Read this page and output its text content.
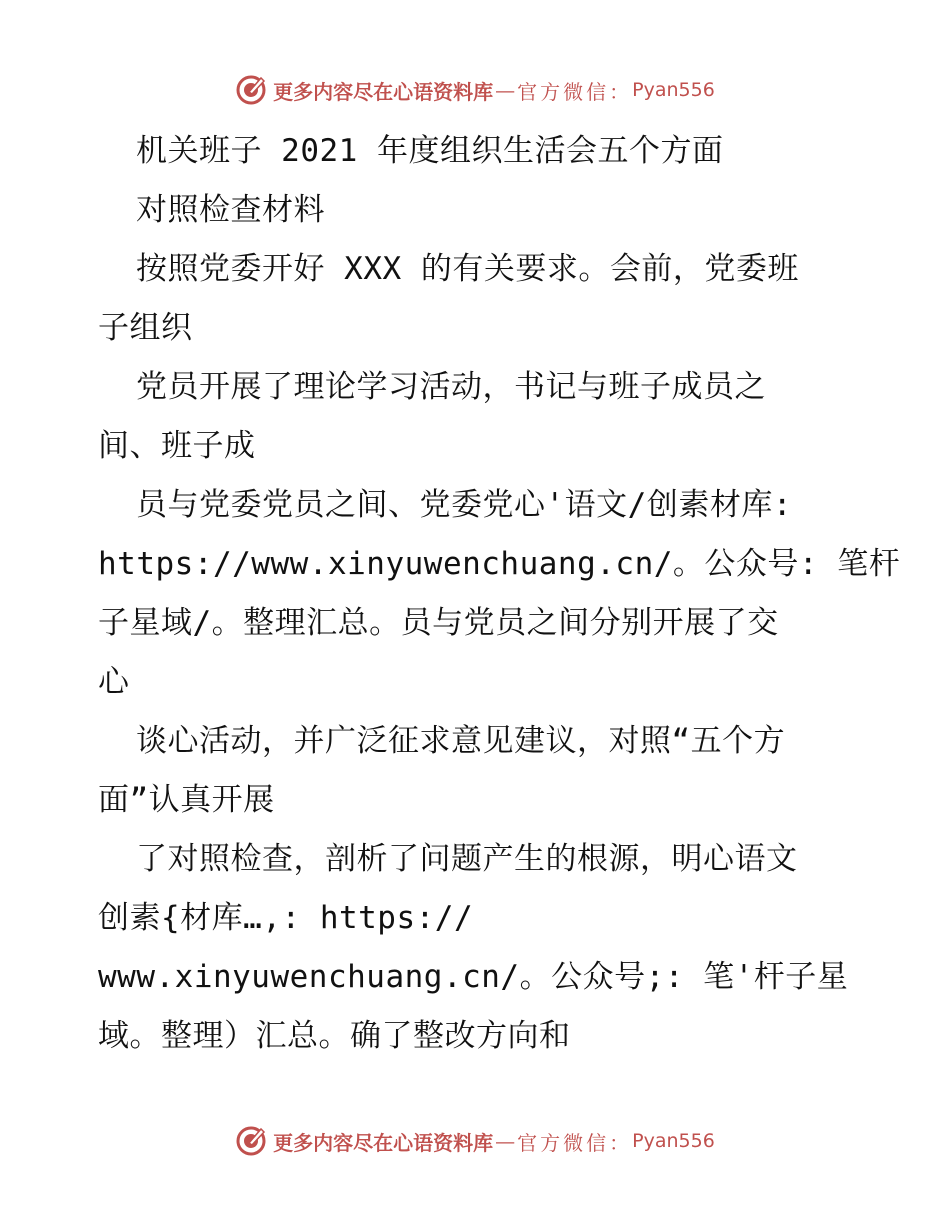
更多内容尽在心语资料库 — 官方微信： Pyan556
机关班子 2021 年度组织生活会五个方面
对照检查材料
按照党委开好 XXX 的有关要求。会前，党委班
子组织
党员开展了理论学习活动，书记与班子成员之
间、班子成
员与党委党员之间、党委党心'语文/创素材库:
https://www.xinyuwenchuang.cn/。公众号: 笔杆
子星域/。整理汇总。员与党员之间分别开展了交
心
谈心活动，并广泛征求意见建议，对照“五个方
面”认真开展
了对照检查，剖析了问题产生的根源，明心语文
创素{材库…,: https://
www.xinyuwenchuang.cn/。公众号;: 笔'杆子星
域。整理）汇总。确了整改方向和
更多内容尽在心语资料库 — 官方微信： Pyan556
